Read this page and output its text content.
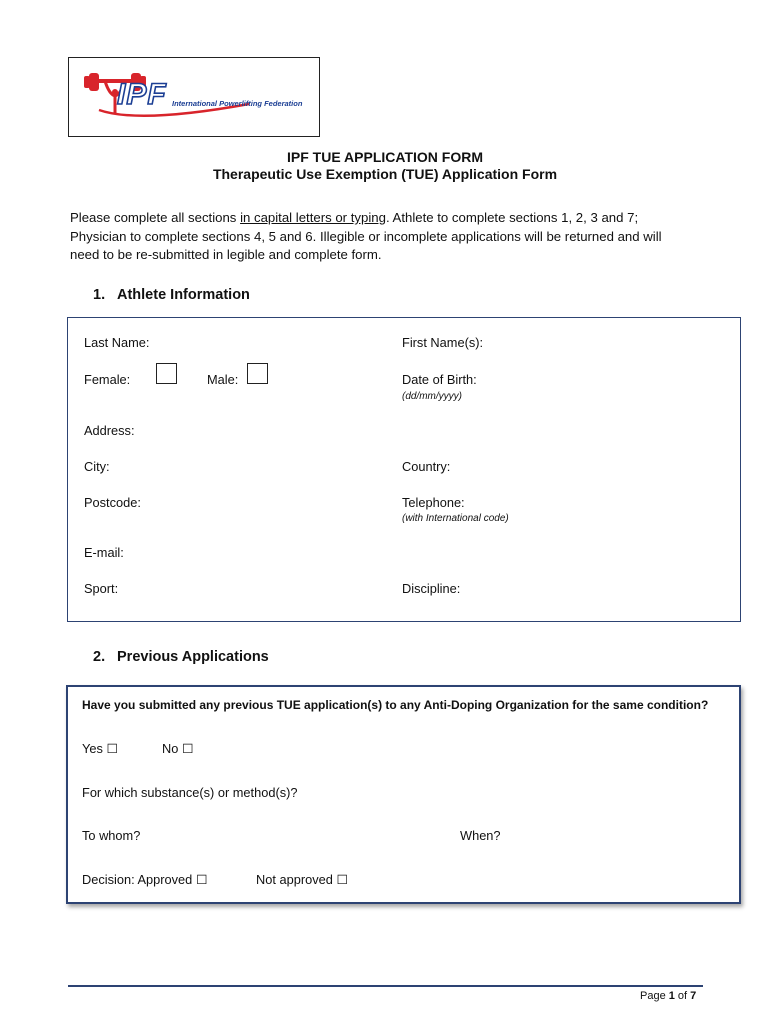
IPF International Powerlifting Federation
IPF TUE APPLICATION FORM
Therapeutic Use Exemption (TUE) Application Form
Please complete all sections in capital letters or typing. Athlete to complete sections 1, 2, 3 and 7; Physician to complete sections 4, 5 and 6. Illegible or incomplete applications will be returned and will need to be re-submitted in legible and complete form.
1. Athlete Information
Last Name:	First Name(s):
Female:	Male:	Date of Birth:
(dd/mm/yyyy)
Address:
City:	Country:
Postcode:	Telephone:
(with International code)
E-mail:
Sport:	Discipline:
2. Previous Applications
Have you submitted any previous TUE application(s) to any Anti-Doping Organization for the same condition?
Yes ☐	No ☐
For which substance(s) or method(s)?
To whom?	When?
Decision: Approved ☐	Not approved ☐
Page 1 of 7
